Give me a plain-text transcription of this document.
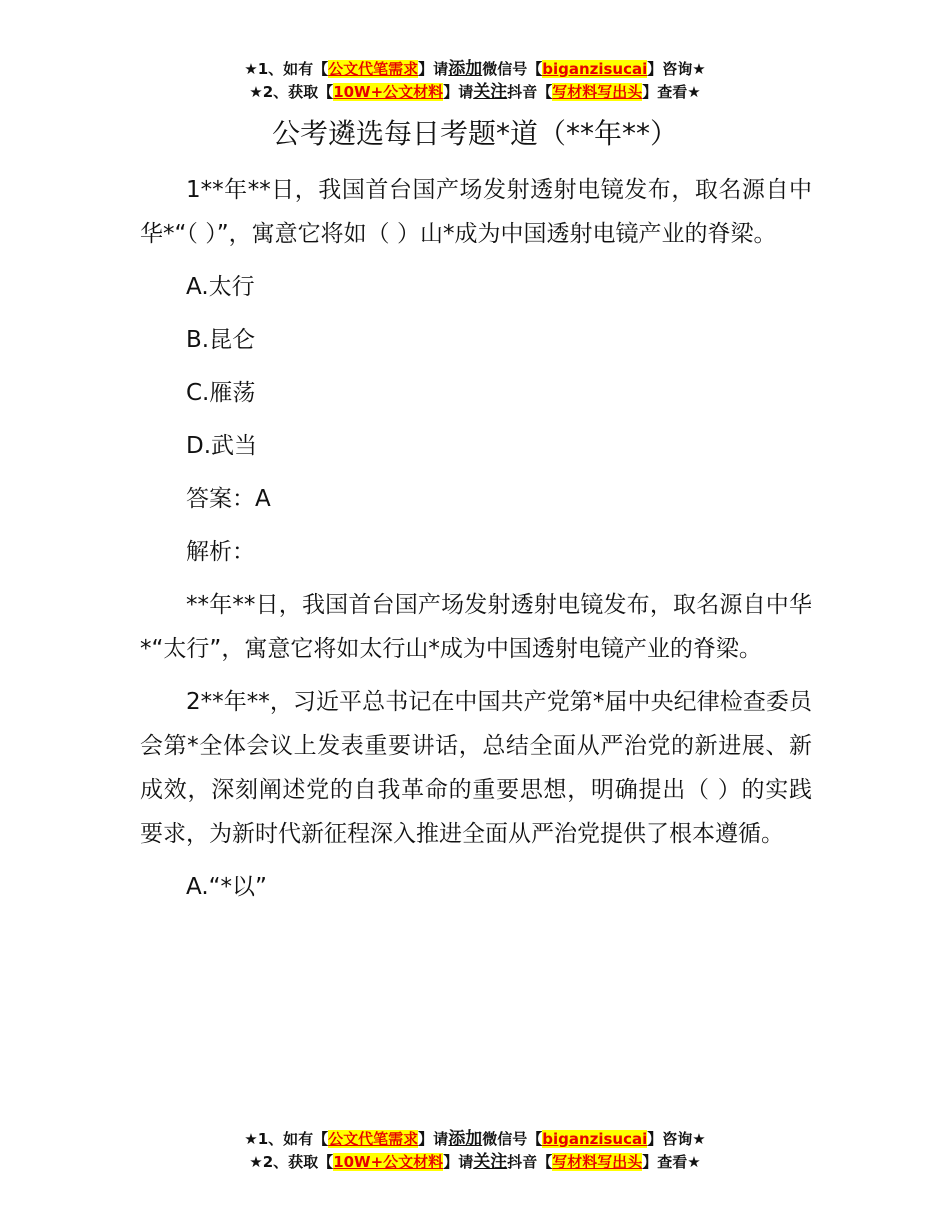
★1、如有【公文代笔需求】请添加微信号【biganzisucai】咨询★
★2、获取【10W+公文材料】请关注抖音【写材料写出头】查看★
公考遴选每日考题*道（**年**）

1**年**日，我国首台国产场发射透射电镜发布，取名源自中华*“（ ）”，寓意它将如（ ）山*成为中国透射电镜产业的脊梁。

A.太行

B.昆仑

C.雁荡

D.武当

答案：A

解析：

**年**日，我国首台国产场发射透射电镜发布，取名源自中华*“太行”，寓意它将如太行山*成为中国透射电镜产业的脊梁。

2**年**，习近平总书记在中国共产党第*届中央纪律检查委员会第*全体会议上发表重要讲话，总结全面从严治党的新进展、新成效，深刻阐述党的自我革命的重要思想，明确提出（ ）的实践要求，为新时代新征程深入推进全面从严治党提供了根本遵循。

A.“*以”

★1、如有【公文代笔需求】请添加微信号【biganzisucai】咨询★
★2、获取【10W+公文材料】请关注抖音【写材料写出头】查看★
